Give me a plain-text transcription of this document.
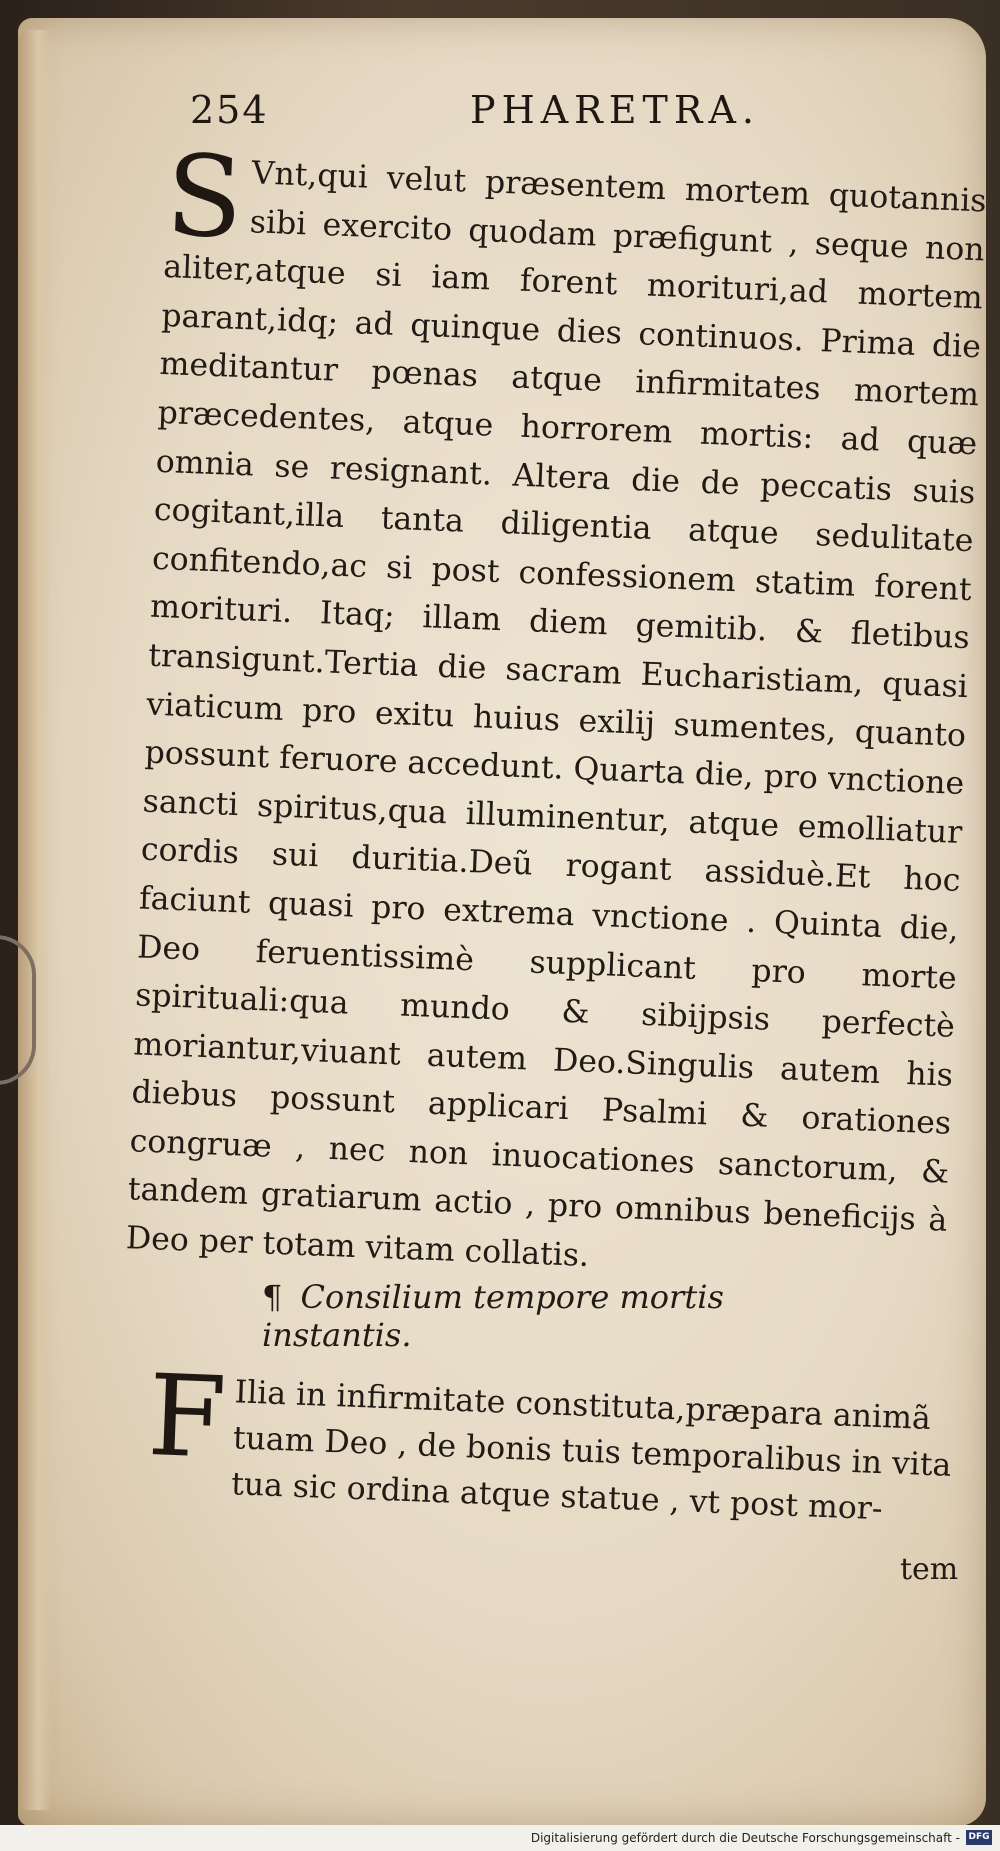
254	PHARETRA.
S Vnt,qui velut præsentem mortem quotannis sibi exercito quodam præfigunt , seque non aliter,atque si iam forent morituri,ad mortem parant,idq; ad quinque dies continuos. Prima die meditantur pœnas atque infirmitates mortem præcedentes, atque horrorem mortis: ad quæ omnia se resignant. Altera die de peccatis suis cogitant,illa tanta diligentia atque sedulitate confitendo,ac si post confessionem statim forent morituri. Itaq; illam diem gemitib. & fletibus transigunt.Tertia die sacram Eucharistiam, quasi viaticum pro exitu huius exilij sumentes, quanto possunt feruore accedunt. Quarta die, pro vnctione sancti spiritus,qua illuminentur, atque emolliatur cordis sui duritia.Deũ rogant assiduè.Et hoc faciunt quasi pro extrema vnctione . Quinta die, Deo feruentissimè supplicant pro morte spirituali:qua mundo & sibijpsis perfectè moriantur,viuant autem Deo.Singulis autem his diebus possunt applicari Psalmi & orationes congruæ , nec non inuocationes sanctorum, & tandem gratiarum actio , pro omnibus beneficijs à Deo per totam vitam collatis.
¶ Consilium tempore mortis instantis.
F Ilia in infirmitate constituta,præpara animã tuam Deo , de bonis tuis temporalibus in vita tua sic ordina atque statue , vt post mor-
tem
Digitalisierung gefördert durch die Deutsche Forschungsgemeinschaft - DFG
